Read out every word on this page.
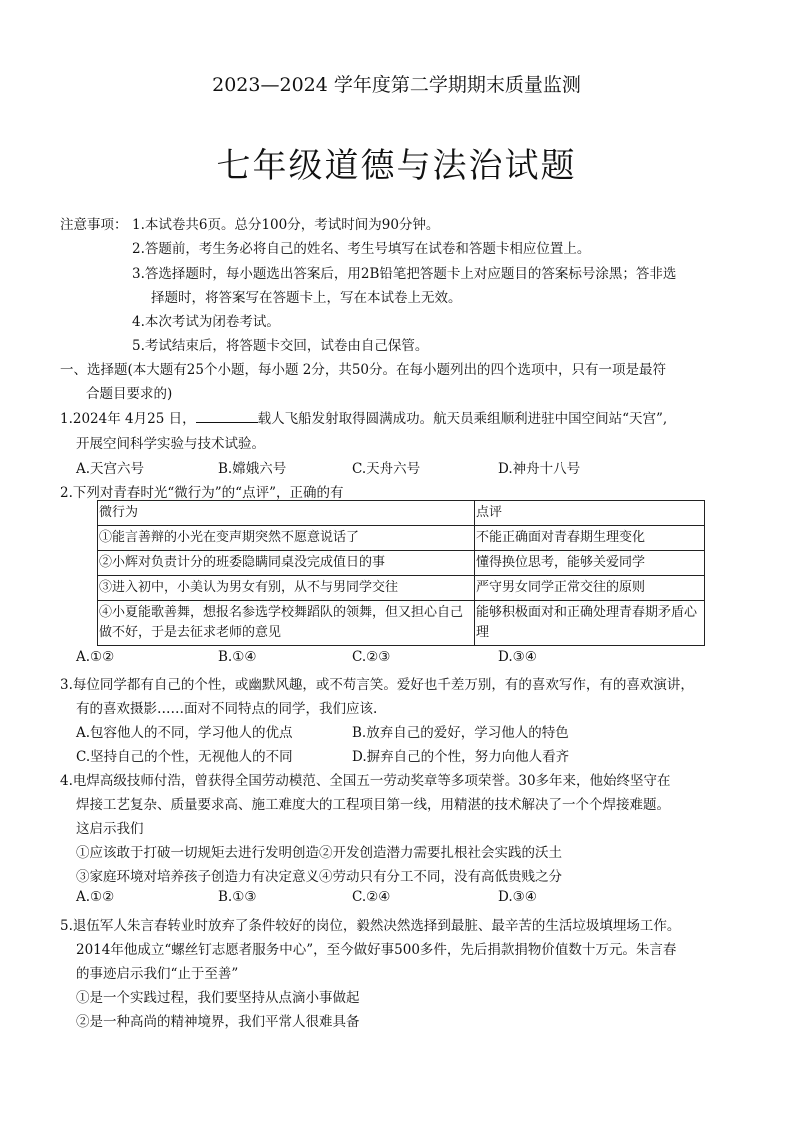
2023—2024 学年度第二学期期末质量监测
七年级道德与法治试题
注意事项： 1.本试卷共6页。总分100分，考试时间为90分钟。
2.答题前，考生务必将自己的姓名、考生号填写在试卷和答题卡相应位置上。
3.答选择题时，每小题选出答案后，用2B铅笔把答题卡上对应题目的答案标号涂黑；答非选
择题时，将答案写在答题卡上，写在本试卷上无效。
4.本次考试为闭卷考试。
5.考试结束后，将答题卡交回，试卷由自己保管。
一、选择题(本大题有25个小题，每小题 2分，共50分。在每小题列出的四个选项中，只有一项是最符
合题目要求的)
1.2024年 4月25 日，	载人飞船发射取得圆满成功。航天员乘组顺利进驻中国空间站“天宫”,
开展空间科学实验与技术试验。
A.天宫六号	B.嫦娥六号	C.天舟六号	D.神舟十八号
2.下列对青春时光“微行为”的“点评”，正确的有
微行为	点评
①能言善辩的小光在变声期突然不愿意说话了	不能正确面对青春期生理变化
②小辉对负责计分的班委隐瞒同桌没完成值日的事	懂得换位思考，能够关爱同学
③进入初中，小美认为男女有别，从不与男同学交往	严守男女同学正常交往的原则
④小夏能歌善舞，想报名参选学校舞蹈队的领舞，但又担心自己做不好，于是去征求老师的意见	能够积极面对和正确处理青春期矛盾心理
A.①②	B.①④	C.②③	D.③④
3.每位同学都有自己的个性，或幽默风趣，或不苟言笑。爱好也千差万别，有的喜欢写作，有的喜欢演讲，
有的喜欢摄影……面对不同特点的同学，我们应该.
A.包容他人的不同，学习他人的优点	B.放弃自己的爱好，学习他人的特色
C.坚持自己的个性，无视他人的不同	D.摒弃自己的个性，努力向他人看齐
4.电焊高级技师付浩，曾获得全国劳动模范、全国五一劳动奖章等多项荣誉。30多年来，他始终坚守在
焊接工艺复杂、质量要求高、施工难度大的工程项目第一线，用精湛的技术解决了一个个焊接难题。
这启示我们
①应该敢于打破一切规矩去进行发明创造②开发创造潜力需要扎根社会实践的沃土
③家庭环境对培养孩子创造力有决定意义④劳动只有分工不同，没有高低贵贱之分
A.①②	B.①③	C.②④	D.③④
5.退伍军人朱言春转业时放弃了条件较好的岗位，毅然决然选择到最脏、最辛苦的生活垃圾填埋场工作。
2014年他成立“螺丝钉志愿者服务中心”，至今做好事500多件，先后捐款捐物价值数十万元。朱言春
的事迹启示我们“止于至善”
①是一个实践过程，我们要坚持从点滴小事做起
②是一种高尚的精神境界，我们平常人很难具备
